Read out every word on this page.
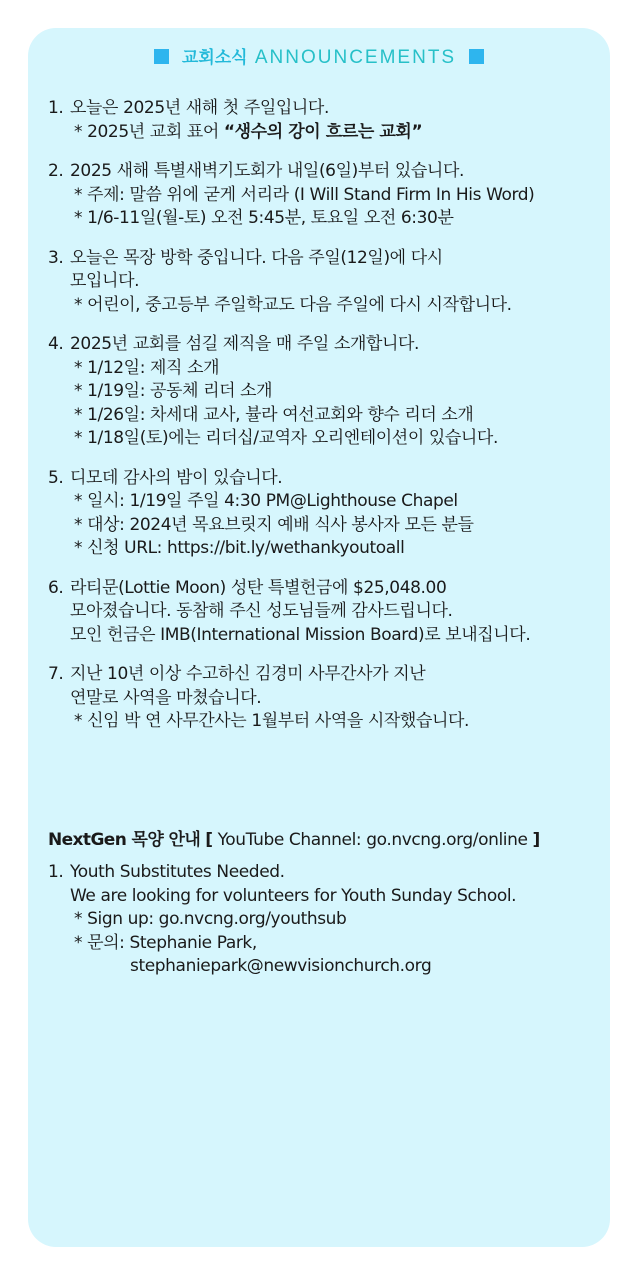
교회소식 ANNOUNCEMENTS
1. 오늘은 2025년 새해 첫 주일입니다.
* 2025년 교회 표어 “생수의 강이 흐르는 교회”
2. 2025 새해 특별새벽기도회가 내일(6일)부터 있습니다.
* 주제: 말씀 위에 굳게 서리라 (I Will Stand Firm In His Word)
* 1/6-11일(월-토) 오전 5:45분, 토요일 오전 6:30분
3. 오늘은 목장 방학 중입니다. 다음 주일(12일)에 다시
모입니다.
* 어린이, 중고등부 주일학교도 다음 주일에 다시 시작합니다.
4. 2025년 교회를 섬길 제직을 매 주일 소개합니다.
* 1/12일: 제직 소개
* 1/19일: 공동체 리더 소개
* 1/26일: 차세대 교사, 뷸라 여선교회와 향수 리더 소개
* 1/18일(토)에는 리더십/교역자 오리엔테이션이 있습니다.
5. 디모데 감사의 밤이 있습니다.
* 일시: 1/19일 주일 4:30 PM@Lighthouse Chapel
* 대상: 2024년 목요브릿지 예배 식사 봉사자 모든 분들
* 신청 URL: https://bit.ly/wethankyoutoall
6. 라티문(Lottie Moon) 성탄 특별헌금에 $25,048.00
모아졌습니다. 동참해 주신 성도님들께 감사드립니다.
모인 헌금은 IMB(International Mission Board)로 보내집니다.
7. 지난 10년 이상 수고하신 김경미 사무간사가 지난
연말로 사역을 마쳤습니다.
* 신임 박 연 사무간사는 1월부터 사역을 시작했습니다.
NextGen 목양 안내 [ YouTube Channel: go.nvcng.org/online ]
1. Youth Substitutes Needed.
We are looking for volunteers for Youth Sunday School.
* Sign up: go.nvcng.org/youthsub
* 문의: Stephanie Park,
stephaniepark@newvisionchurch.org
